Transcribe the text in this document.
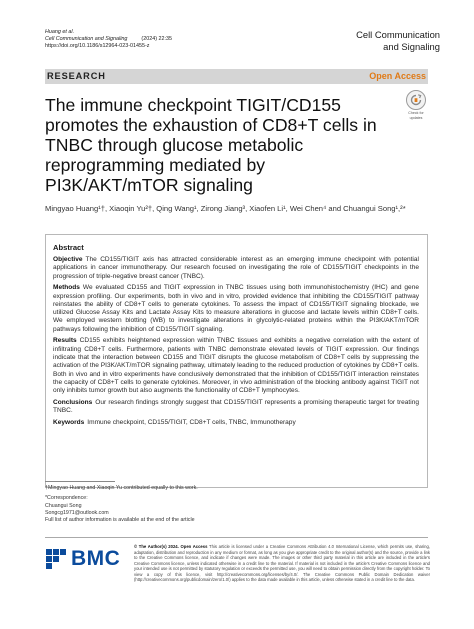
Huang et al.
Cell Communication and Signaling	(2024) 22:35
https://doi.org/10.1186/s12964-023-01455-z
Cell Communication
and Signaling
RESEARCH	Open Access
Check for
updates
The immune checkpoint TIGIT/CD155 promotes the exhaustion of CD8+T cells in TNBC through glucose metabolic reprogramming mediated by PI3K/AKT/mTOR signaling
Mingyao Huang¹†, Xiaoqin Yu²†, Qing Wang¹, Zirong Jiang³, Xiaofen Li¹, Wei Chen⁴ and Chuangui Song¹,²*
Abstract

Objective The CD155/TIGIT axis has attracted considerable interest as an emerging immune checkpoint with potential applications in cancer immunotherapy. Our research focused on investigating the role of CD155/TIGIT checkpoints in the progression of triple-negative breast cancer (TNBC).

Methods We evaluated CD155 and TIGIT expression in TNBC tissues using both immunohistochemistry (IHC) and gene expression profiling. Our experiments, both in vivo and in vitro, provided evidence that inhibiting the CD155/TIGIT pathway reinstates the ability of CD8+T cells to generate cytokines. To assess the impact of CD155/TIGIT signaling blockade, we utilized Glucose Assay Kits and Lactate Assay Kits to measure alterations in glucose and lactate levels within CD8+T cells. We employed western blotting (WB) to investigate alterations in glycolytic-related proteins within the PI3K/AKT/mTOR pathways following the inhibition of CD155/TIGIT signaling.

Results CD155 exhibits heightened expression within TNBC tissues and exhibits a negative correlation with the extent of infiltrating CD8+T cells. Furthermore, patients with TNBC demonstrate elevated levels of TIGIT expression. Our findings indicate that the interaction between CD155 and TIGIT disrupts the glucose metabolism of CD8+T cells by suppressing the activation of the PI3K/AKT/mTOR signaling pathway, ultimately leading to the reduced production of cytokines by CD8+T cells. Both in vivo and in vitro experiments have conclusively demonstrated that the inhibition of CD155/TIGIT interaction reinstates the capacity of CD8+T cells to generate cytokines. Moreover, in vivo administration of the blocking antibody against TIGIT not only inhibits tumor growth but also augments the functionality of CD8+T lymphocytes.

Conclusions Our research findings strongly suggest that CD155/TIGIT represents a promising therapeutic target for treating TNBC.

Keywords Immune checkpoint, CD155/TIGIT, CD8+T cells, TNBC, Immunotherapy

†Mingyao Huang and Xiaoqin Yu contributed equally to this work.
*Correspondence:
Chuangui Song
Songcg1971@outlook.com
Full list of author information is available at the end of the article
BMC
© The Author(s) 2024. Open Access This article is licensed under a Creative Commons Attribution 4.0 International License, which permits use, sharing, adaptation, distribution and reproduction in any medium or format, as long as you give appropriate credit to the original author(s) and the source, provide a link to the Creative Commons licence, and indicate if changes were made. The images or other third party material in this article are included in the article's Creative Commons licence, unless indicated otherwise in a credit line to the material. If material is not included in the article's Creative Commons licence and your intended use is not permitted by statutory regulation or exceeds the permitted use, you will need to obtain permission directly from the copyright holder. To view a copy of this licence, visit http://creativecommons.org/licenses/by/4.0/. The Creative Commons Public Domain Dedication waiver (http://creativecommons.org/publicdomain/zero/1.0/) applies to the data made available in this article, unless otherwise stated in a credit line to the data.
